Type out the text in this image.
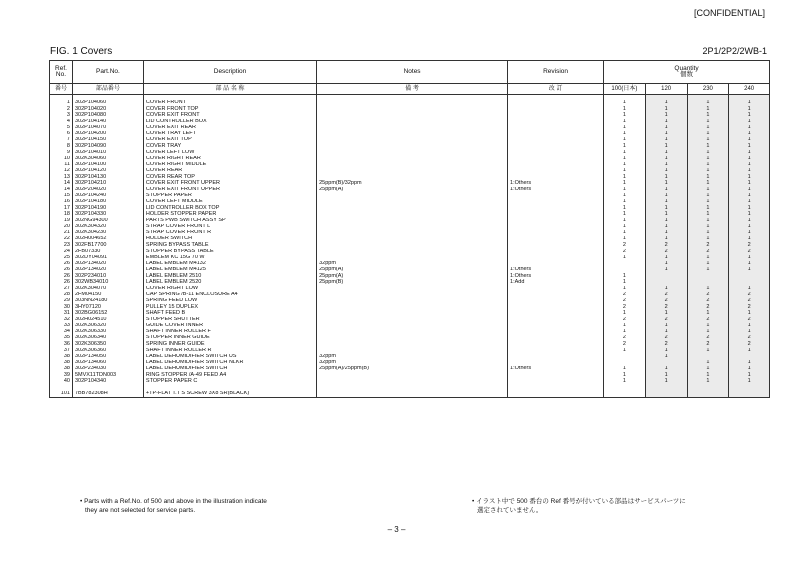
[CONFIDENTIAL]
FIG. 1 Covers	2P1/2P2/2WB-1
Ref.
No.	Part.No.	Description	Notes	Revision	Quantity
個数			
番号	部品番号	部 品 名 称	備 考	改 訂	100(日本)	120	230	240

1	302P104060	COVER FRONT			1	1	1	1
2	302P104020	COVER FRONT TOP			1	1	1	1
3	302P104080	COVER EXIT FRONT			1	1	1	1
4	302P104140	LID CONTROLLER BOX			1	1	1	1
5	302P104070	COVER EXIT REAR			1	1	1	1
6	302P104200	COVER TRAY LEFT			1	1	1	1
7	302P104150	COVER EXIT TOP			1	1	1	1
8	302P104090	COVER TRAY			1	1	1	1
9	302P104010	COVER LEFT LOW			1	1	1	1
10	302K304060	COVER RIGHT REAR			1	1	1	1
11	302P104100	COVER RIGHT MIDDLE			1	1	1	1
12	302P104120	COVER REAR			1	1	1	1
13	302P104130	COVER REAR TOP			1	1	1	1
14	302P104210	COVER EXIT FRONT UPPER	25ppm(B)/32ppm	1:Others	1	1	1	1
14	302P204020	COVER EXIT FRONT UPPER	25ppm(A)	1:Others	1	1	1	1
15	302P104240	STOPPER PAPER			1	1	1	1
16	302P104180	COVER LEFT MIDDLE			1	1	1	1
17	302P104190	LID CONTROLLER BOX TOP			1	1	1	1
18	302P104330	HOLDER STOPPER PAPER			1	1	1	1
19	302NG94300	PARTS PWB SWITCH ASSY SP			1	1	1	1
20	302K304320	STRAP COVER FRONT L			1	1	1	1
21	302K304230	STRAP COVER FRONT R			1	1	1	1
22	302H004652	HOLDER SWITCH			1	1	1	1
23	302FB17700	SPRING BYPASS TABLE			2	2	2	2
24	2FB07330	STOPPER BYPASS TABLE			2	2	2	2
25	302DY04091	EMBLEM KC 15G 70 W			1	1	1	1
26	302P134020	LABEL EMBLEM M4132	32ppm			1	1	1
26	302P134020	LABEL EMBLEM M4125	25ppm(A)	1:Others		1	1	1
26	302P234010	LABEL EMBLEM 2510	25ppm(A)	1:Others	1			
26	302WB34010	LABEL EMBLEM 2520	25ppm(B)	1:Add	1			
27	302K304070	COVER RIGHT LOW			1	1	1	1
28	2FM04150	CAP SPRING /B-11 ENCLOSURE A4			2	2	2	2
29	303NN24180	SPRING FEED LOW			2	2	2	2
30	3HY07120	PULLEY 15 DUPLEX			2	2	2	2
31	302BG06152	SHAFT FEED B			1	1	1	1
32	302H024510	STOPPER SHUTTER			2	2	2	2
33	302K306320	GUIDE COVER INNER			1	1	1	1
34	302K306330	SHAFT INNER ROLLER F			1	1	1	1
35	302K306340	STOPPER INNER GUIDE			2	2	2	2
36	302K306350	SPRING INNER GUIDE			2	2	2	2
37	302K306360	SHAFT INNER ROLLER R			1	1	1	1
38	302P134050	LABEL DEHUMIDIFIER SWITCH US	32ppm			1		
38	302P134060	LABEL DEHUMIDIFIER SWITCH NLKR	32ppm				1	1
38	302P234030	LABEL DEHUMIDIFIER SWITCH	25ppm(A)/25ppm(B)	1:Others	1	1	1	1
39	5MVX11TDN003	RING STOPPER /A-49 FEED A4			1	1	1	1
40	302P104340	STOPPER PAPER C			1	1	1	1

101	7BB782308H	+TP-FLAT T.T S SCREW 3X8 SR(BLACK)						
• Parts with a Ref.No. of 500 and above in the illustration indicate
they are not selected for service parts.
• イラスト中で 500 番台の Ref 番号が付いている部品はサービスパーツに
選定されていません。
– 3 –
